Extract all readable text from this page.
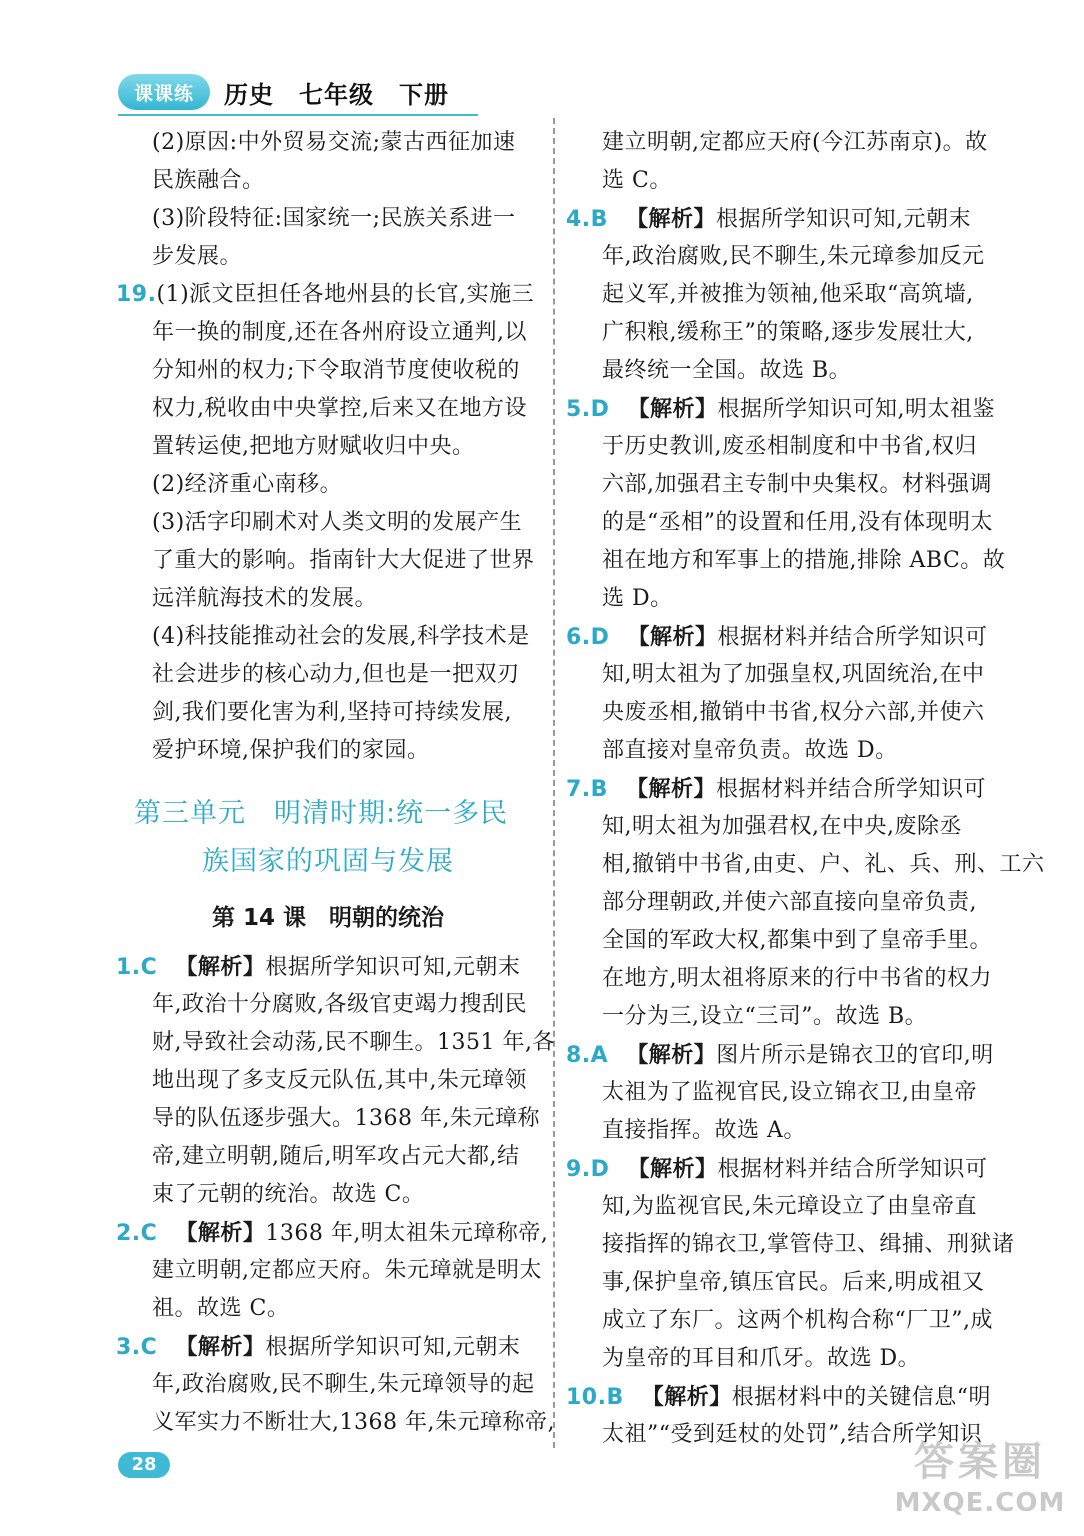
课课练	历史　七年级　下册
(2)原因:中外贸易交流;蒙古西征加速
民族融合。
(3)阶段特征:国家统一;民族关系进一
步发展。
19.(1)派文臣担任各地州县的长官,实施三
年一换的制度,还在各州府设立通判,以
分知州的权力;下令取消节度使收税的
权力,税收由中央掌控,后来又在地方设
置转运使,把地方财赋收归中央。
(2)经济重心南移。
(3)活字印刷术对人类文明的发展产生
了重大的影响。指南针大大促进了世界
远洋航海技术的发展。
(4)科技能推动社会的发展,科学技术是
社会进步的核心动力,但也是一把双刃
剑,我们要化害为利,坚持可持续发展,
爱护环境,保护我们的家园。
第三单元　明清时期:统一多民
族国家的巩固与发展
第 14 课　明朝的统治
1.C 【解析】根据所学知识可知,元朝末
年,政治十分腐败,各级官吏竭力搜刮民
财,导致社会动荡,民不聊生。1351 年,各
地出现了多支反元队伍,其中,朱元璋领
导的队伍逐步强大。1368 年,朱元璋称
帝,建立明朝,随后,明军攻占元大都,结
束了元朝的统治。故选 C。
2.C 【解析】1368 年,明太祖朱元璋称帝,
建立明朝,定都应天府。朱元璋就是明太
祖。故选 C。
3.C 【解析】根据所学知识可知,元朝末
年,政治腐败,民不聊生,朱元璋领导的起
义军实力不断壮大,1368 年,朱元璋称帝,
建立明朝,定都应天府(今江苏南京)。故
选 C。
4.B 【解析】根据所学知识可知,元朝末
年,政治腐败,民不聊生,朱元璋参加反元
起义军,并被推为领袖,他采取“高筑墙,
广积粮,缓称王”的策略,逐步发展壮大,
最终统一全国。故选 B。
5.D 【解析】根据所学知识可知,明太祖鉴
于历史教训,废丞相制度和中书省,权归
六部,加强君主专制中央集权。材料强调
的是“丞相”的设置和任用,没有体现明太
祖在地方和军事上的措施,排除 ABC。故
选 D。
6.D 【解析】根据材料并结合所学知识可
知,明太祖为了加强皇权,巩固统治,在中
央废丞相,撤销中书省,权分六部,并使六
部直接对皇帝负责。故选 D。
7.B 【解析】根据材料并结合所学知识可
知,明太祖为加强君权,在中央,废除丞
相,撤销中书省,由吏、户、礼、兵、刑、工六
部分理朝政,并使六部直接向皇帝负责,
全国的军政大权,都集中到了皇帝手里。
在地方,明太祖将原来的行中书省的权力
一分为三,设立“三司”。故选 B。
8.A 【解析】图片所示是锦衣卫的官印,明
太祖为了监视官民,设立锦衣卫,由皇帝
直接指挥。故选 A。
9.D 【解析】根据材料并结合所学知识可
知,为监视官民,朱元璋设立了由皇帝直
接指挥的锦衣卫,掌管侍卫、缉捕、刑狱诸
事,保护皇帝,镇压官民。后来,明成祖又
成立了东厂。这两个机构合称“厂卫”,成
为皇帝的耳目和爪牙。故选 D。
10.B 【解析】根据材料中的关键信息“明
太祖”“受到廷杖的处罚”,结合所学知识
28	答案圈
MXQE.COM
